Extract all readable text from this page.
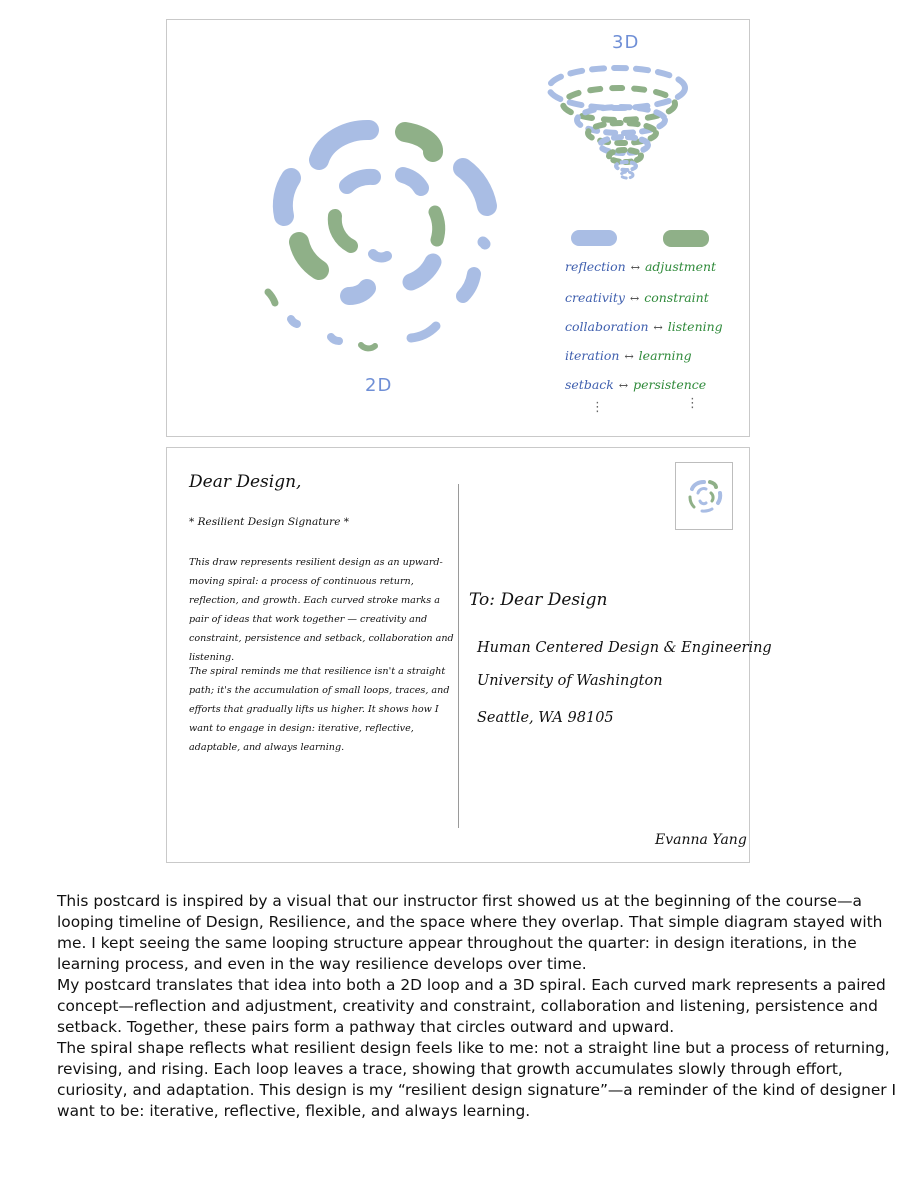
3D
reflection ↔ adjustment
creativity ↔ constraint
collaboration ↔ listening
iteration ↔ learning
setback ↔ persistence
⋮	⋮
2D
Dear Design,
* Resilient Design Signature *
This draw represents resilient design as an upward-moving spiral: a process of continuous return, reflection, and growth. Each curved stroke marks a pair of ideas that work together — creativity and constraint, persistence and setback, collaboration and listening.
The spiral reminds me that resilience isn't a straight path; it's the accumulation of small loops, traces, and efforts that gradually lifts us higher. It shows how I want to engage in design: iterative, reflective, adaptable, and always learning.
To: Dear Design
Human Centered Design & Engineering
University of Washington
Seattle, WA 98105
Evanna Yang

This postcard is inspired by a visual that our instructor first showed us at the beginning of the course—a looping timeline of Design, Resilience, and the space where they overlap. That simple diagram stayed with me. I kept seeing the same looping structure appear throughout the quarter: in design iterations, in the learning process, and even in the way resilience develops over time.

My postcard translates that idea into both a 2D loop and a 3D spiral. Each curved mark represents a paired concept—reflection and adjustment, creativity and constraint, collaboration and listening, persistence and setback. Together, these pairs form a pathway that circles outward and upward.

The spiral shape reflects what resilient design feels like to me: not a straight line but a process of returning, revising, and rising. Each loop leaves a trace, showing that growth accumulates slowly through effort, curiosity, and adaptation. This design is my “resilient design signature”—a reminder of the kind of designer I want to be: iterative, reflective, flexible, and always learning.
